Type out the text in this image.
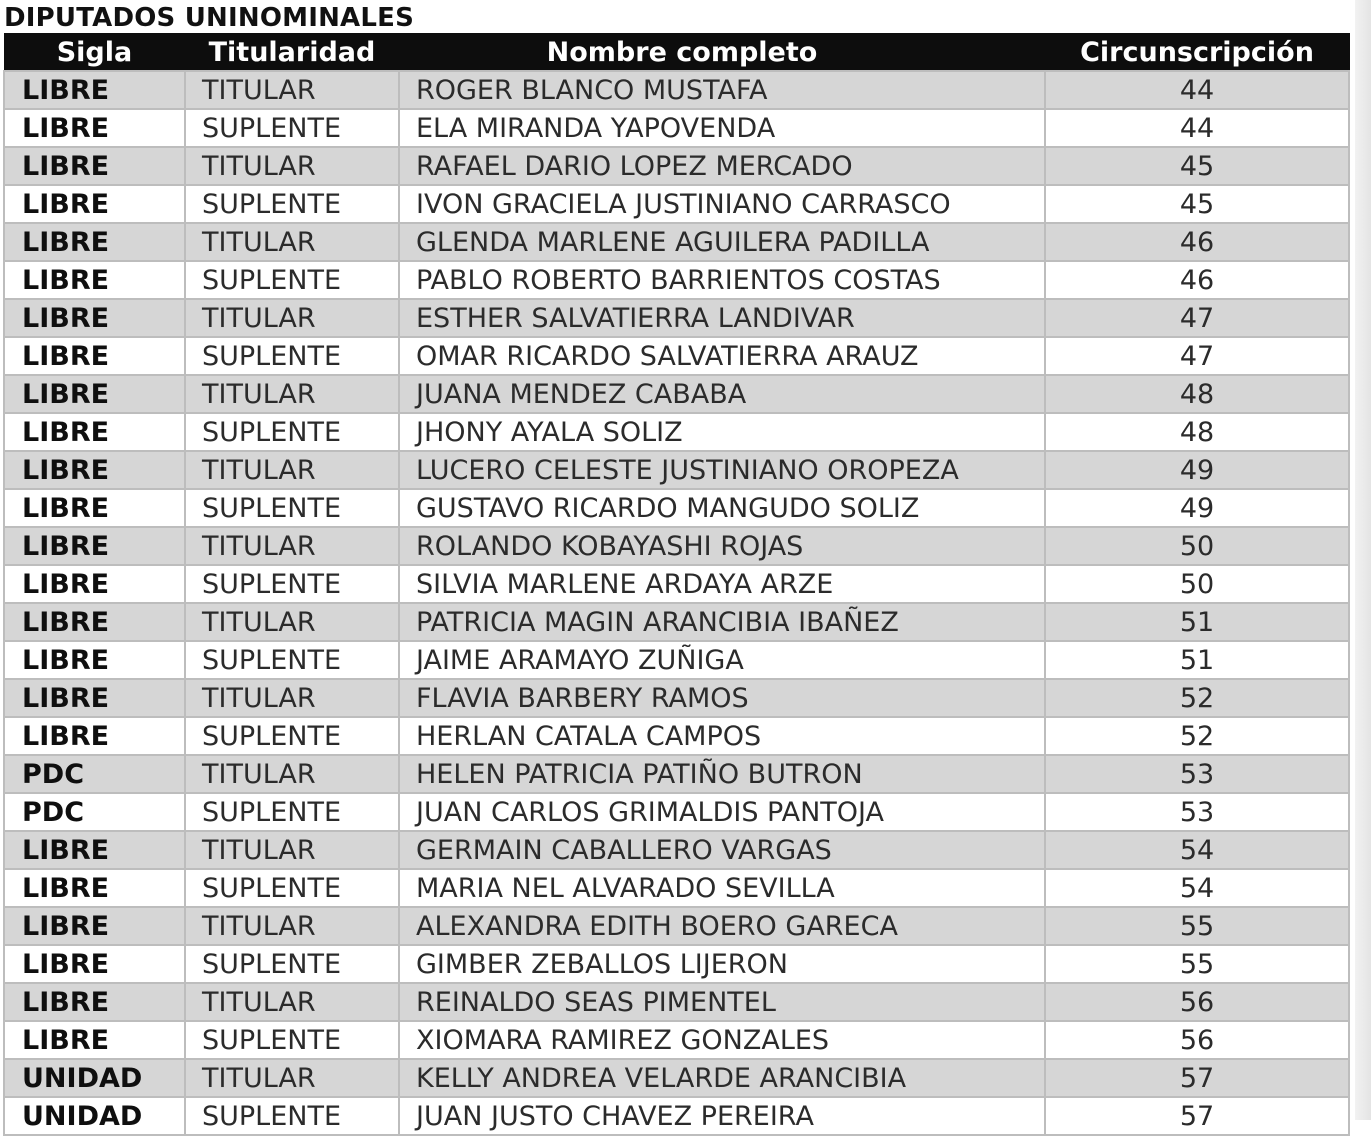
DIPUTADOS UNINOMINALES
Sigla	Titularidad	Nombre completo	Circunscripción
LIBRE	TITULAR	ROGER BLANCO MUSTAFA	44
LIBRE	SUPLENTE	ELA MIRANDA YAPOVENDA	44
LIBRE	TITULAR	RAFAEL DARIO LOPEZ MERCADO	45
LIBRE	SUPLENTE	IVON GRACIELA JUSTINIANO CARRASCO	45
LIBRE	TITULAR	GLENDA MARLENE AGUILERA PADILLA	46
LIBRE	SUPLENTE	PABLO ROBERTO BARRIENTOS COSTAS	46
LIBRE	TITULAR	ESTHER SALVATIERRA LANDIVAR	47
LIBRE	SUPLENTE	OMAR RICARDO SALVATIERRA ARAUZ	47
LIBRE	TITULAR	JUANA MENDEZ CABABA	48
LIBRE	SUPLENTE	JHONY AYALA SOLIZ	48
LIBRE	TITULAR	LUCERO CELESTE JUSTINIANO OROPEZA	49
LIBRE	SUPLENTE	GUSTAVO RICARDO MANGUDO SOLIZ	49
LIBRE	TITULAR	ROLANDO KOBAYASHI ROJAS	50
LIBRE	SUPLENTE	SILVIA MARLENE ARDAYA ARZE	50
LIBRE	TITULAR	PATRICIA MAGIN ARANCIBIA IBAÑEZ	51
LIBRE	SUPLENTE	JAIME ARAMAYO ZUÑIGA	51
LIBRE	TITULAR	FLAVIA BARBERY RAMOS	52
LIBRE	SUPLENTE	HERLAN CATALA CAMPOS	52
PDC	TITULAR	HELEN PATRICIA PATIÑO BUTRON	53
PDC	SUPLENTE	JUAN CARLOS GRIMALDIS PANTOJA	53
LIBRE	TITULAR	GERMAIN CABALLERO VARGAS	54
LIBRE	SUPLENTE	MARIA NEL ALVARADO SEVILLA	54
LIBRE	TITULAR	ALEXANDRA EDITH BOERO GARECA	55
LIBRE	SUPLENTE	GIMBER ZEBALLOS LIJERON	55
LIBRE	TITULAR	REINALDO SEAS PIMENTEL	56
LIBRE	SUPLENTE	XIOMARA RAMIREZ GONZALES	56
UNIDAD	TITULAR	KELLY ANDREA VELARDE ARANCIBIA	57
UNIDAD	SUPLENTE	JUAN JUSTO CHAVEZ PEREIRA	57
